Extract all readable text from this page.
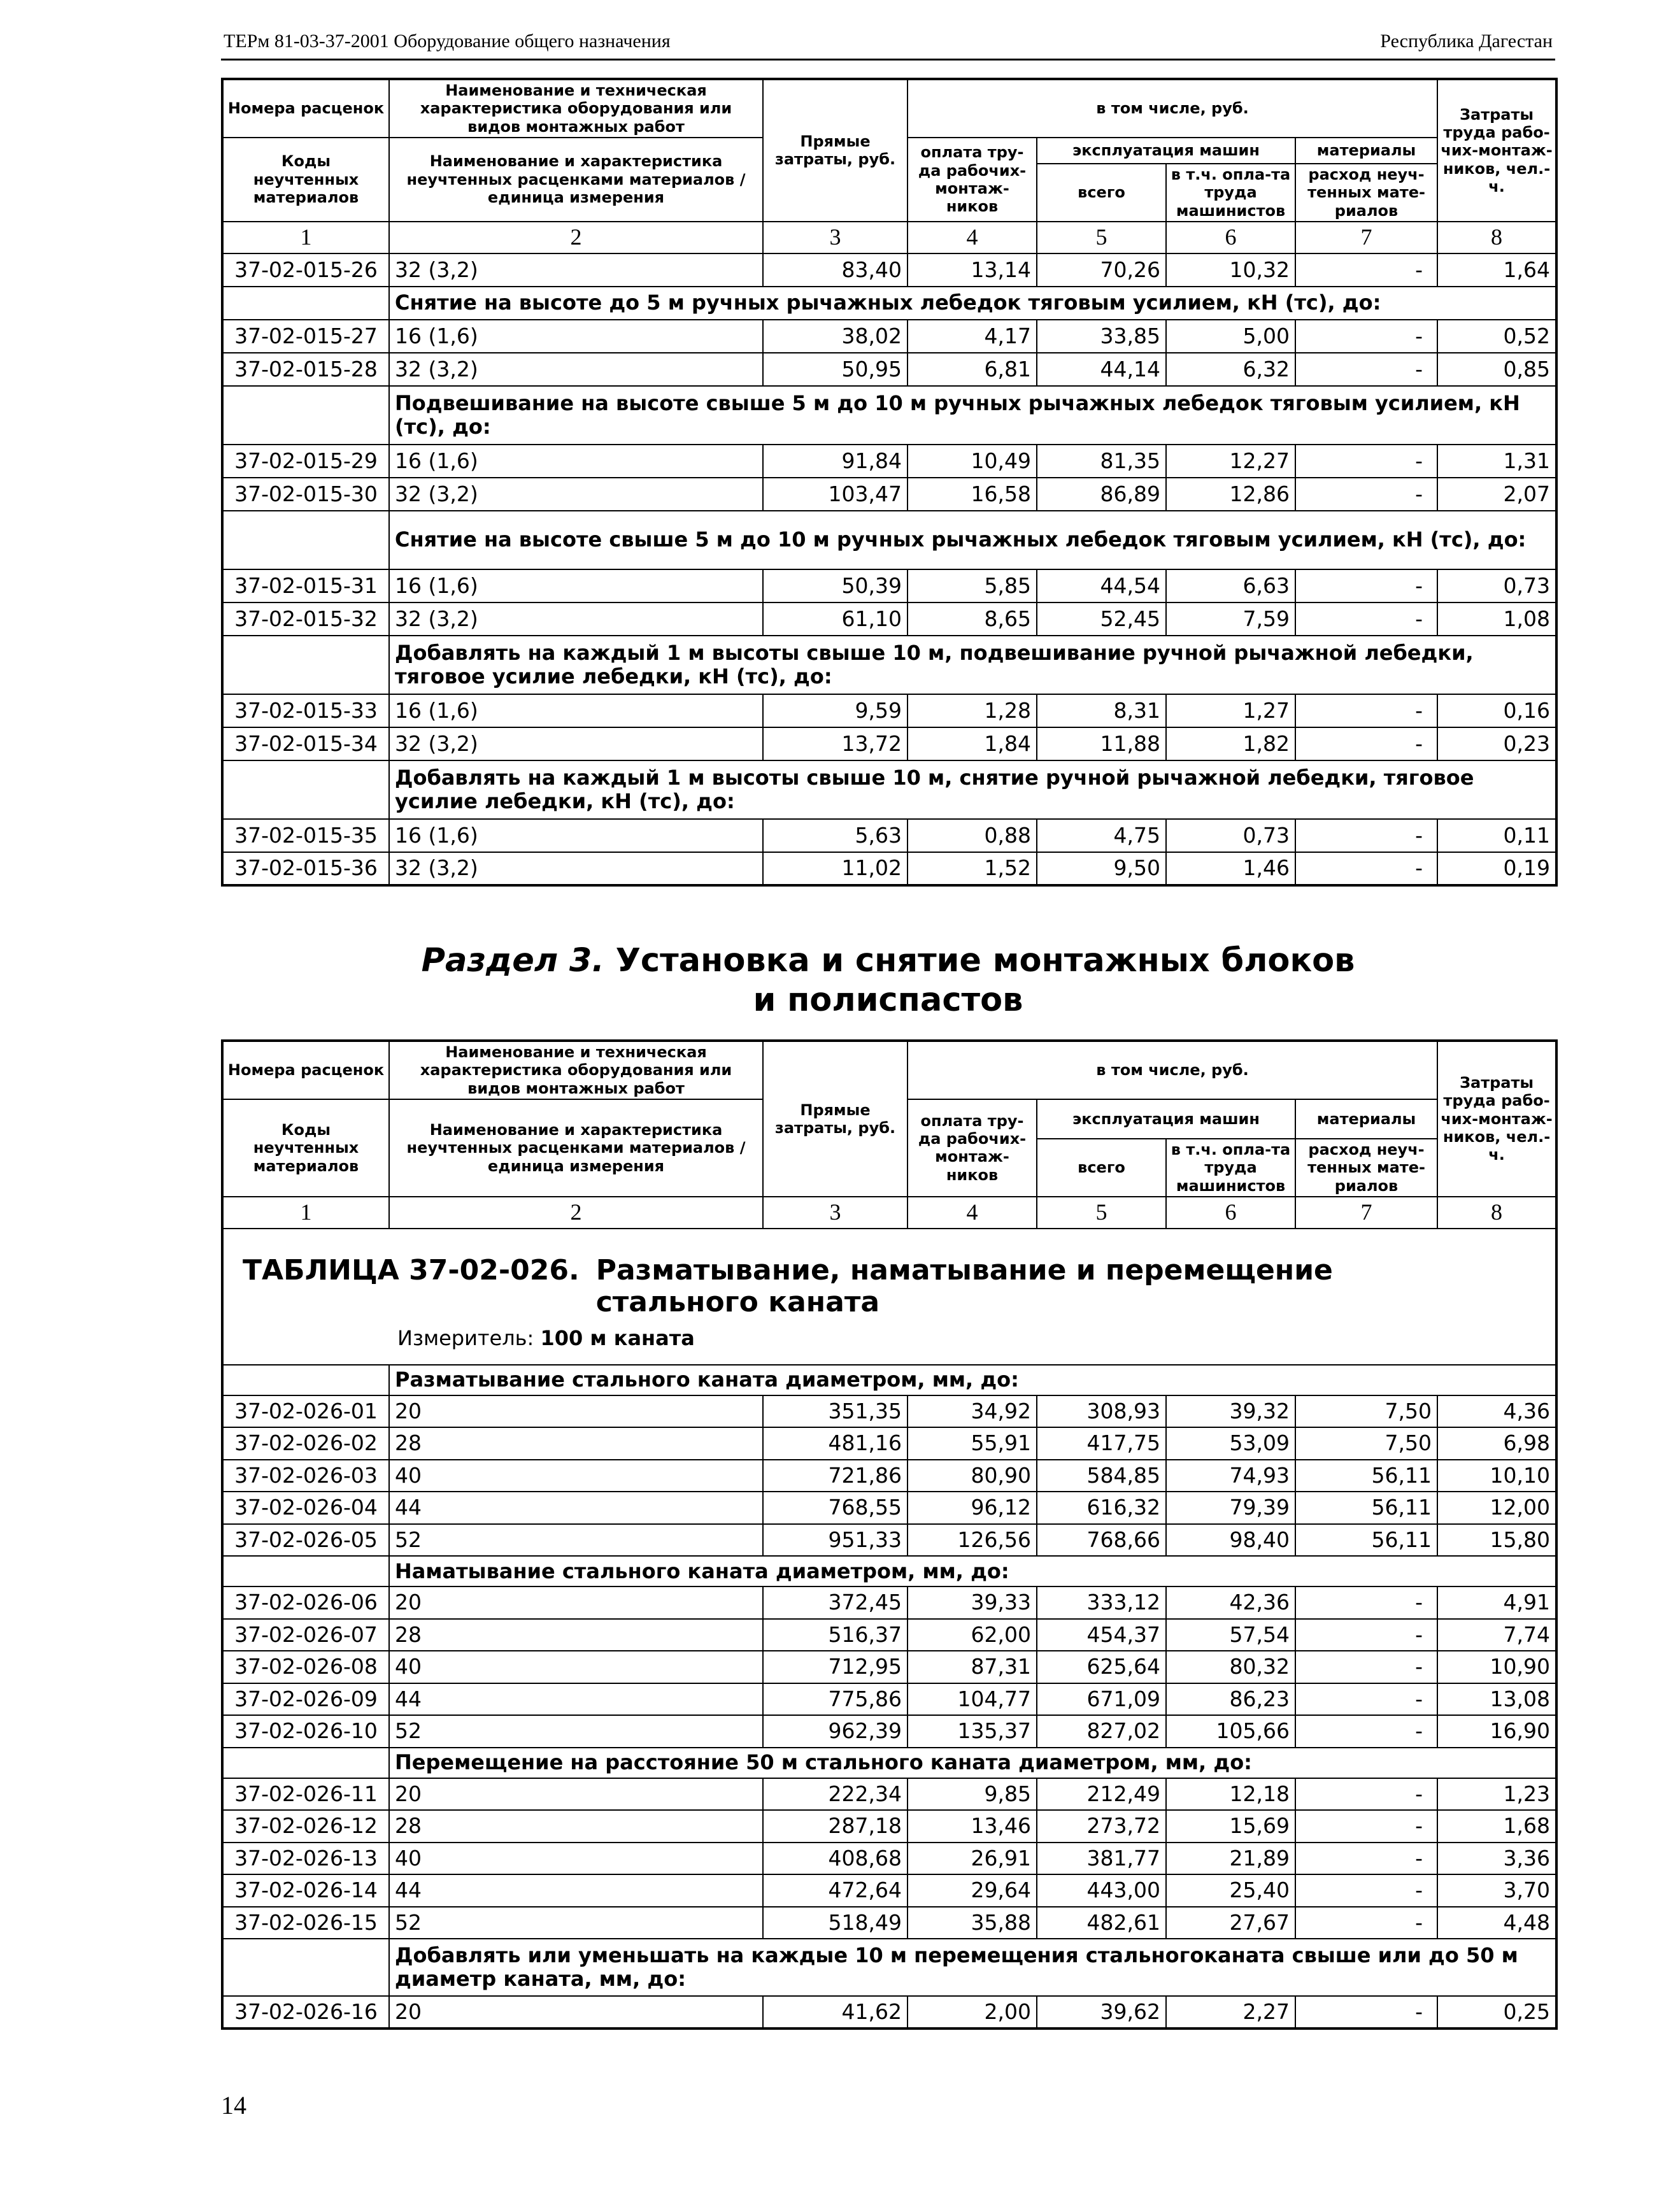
ТЕРм 81-03-37-2001 Оборудование общего назначения	Республика Дагестан
Номера расценок	Наименование и техническая характеристика оборудования или видов монтажных работ	Прямые затраты, руб.	в том числе, руб.				Затраты труда рабо-чих-монтаж-ников, чел.-ч.
Коды неучтенных материалов	Наименование и характеристика неучтенных расценками материалов / единица измерения		оплата тру-да рабочих-монтаж-ников	эксплуатация машин		материалы	
				всего	в т.ч. опла-та труда машинистов	расход неуч-тенных мате-риалов	
1	2	3	4	5	6	7	8
37-02-015-26	32 (3,2)	83,40	13,14	70,26	10,32	-	1,64
	Снятие на высоте до 5 м ручных рычажных лебедок тяговым усилием, кН (тс), до:						
37-02-015-27	16 (1,6)	38,02	4,17	33,85	5,00	-	0,52
37-02-015-28	32 (3,2)	50,95	6,81	44,14	6,32	-	0,85
	Подвешивание на высоте свыше 5 м до 10 м ручных рычажных лебедок тяговым усилием, кН (тс), до:						
37-02-015-29	16 (1,6)	91,84	10,49	81,35	12,27	-	1,31
37-02-015-30	32 (3,2)	103,47	16,58	86,89	12,86	-	2,07
	Снятие на высоте свыше 5 м до 10 м ручных рычажных лебедок тяговым усилием, кН (тс), до:						
37-02-015-31	16 (1,6)	50,39	5,85	44,54	6,63	-	0,73
37-02-015-32	32 (3,2)	61,10	8,65	52,45	7,59	-	1,08
	Добавлять на каждый 1 м высоты свыше 10 м, подвешивание ручной рычажной лебедки, тяговое усилие лебедки, кН (тс), до:						
37-02-015-33	16 (1,6)	9,59	1,28	8,31	1,27	-	0,16
37-02-015-34	32 (3,2)	13,72	1,84	11,88	1,82	-	0,23
	Добавлять на каждый 1 м высоты свыше 10 м, снятие ручной рычажной лебедки, тяговое усилие лебедки, кН (тс), до:						
37-02-015-35	16 (1,6)	5,63	0,88	4,75	0,73	-	0,11
37-02-015-36	32 (3,2)	11,02	1,52	9,50	1,46	-	0,19
Раздел 3. Установка и снятие монтажных блоков
и полиспастов
Номера расценок	Наименование и техническая характеристика оборудования или видов монтажных работ	Прямые затраты, руб.	в том числе, руб.				Затраты труда рабо-чих-монтаж-ников, чел.-ч.
Коды неучтенных материалов	Наименование и характеристика неучтенных расценками материалов / единица измерения		оплата тру-да рабочих-монтаж-ников	эксплуатация машин		материалы	
				всего	в т.ч. опла-та труда машинистов	расход неуч-тенных мате-риалов	
1	2	3	4	5	6	7	8

ТАБЛИЦА 37-02-026. Разматывание, наматывание и перемещение стального каната
Измеритель: 100 м каната							

	Разматывание стального каната диаметром, мм, до:						
37-02-026-01	20	351,35	34,92	308,93	39,32	7,50	4,36
37-02-026-02	28	481,16	55,91	417,75	53,09	7,50	6,98
37-02-026-03	40	721,86	80,90	584,85	74,93	56,11	10,10
37-02-026-04	44	768,55	96,12	616,32	79,39	56,11	12,00
37-02-026-05	52	951,33	126,56	768,66	98,40	56,11	15,80
	Наматывание стального каната диаметром, мм, до:						
37-02-026-06	20	372,45	39,33	333,12	42,36	-	4,91
37-02-026-07	28	516,37	62,00	454,37	57,54	-	7,74
37-02-026-08	40	712,95	87,31	625,64	80,32	-	10,90
37-02-026-09	44	775,86	104,77	671,09	86,23	-	13,08
37-02-026-10	52	962,39	135,37	827,02	105,66	-	16,90
	Перемещение на расстояние 50 м стального каната диаметром, мм, до:						
37-02-026-11	20	222,34	9,85	212,49	12,18	-	1,23
37-02-026-12	28	287,18	13,46	273,72	15,69	-	1,68
37-02-026-13	40	408,68	26,91	381,77	21,89	-	3,36
37-02-026-14	44	472,64	29,64	443,00	25,40	-	3,70
37-02-026-15	52	518,49	35,88	482,61	27,67	-	4,48
	Добавлять или уменьшать на каждые 10 м перемещения стальногоканата свыше или до 50 м диаметр каната, мм, до:						
37-02-026-16	20	41,62	2,00	39,62	2,27	-	0,25
14
